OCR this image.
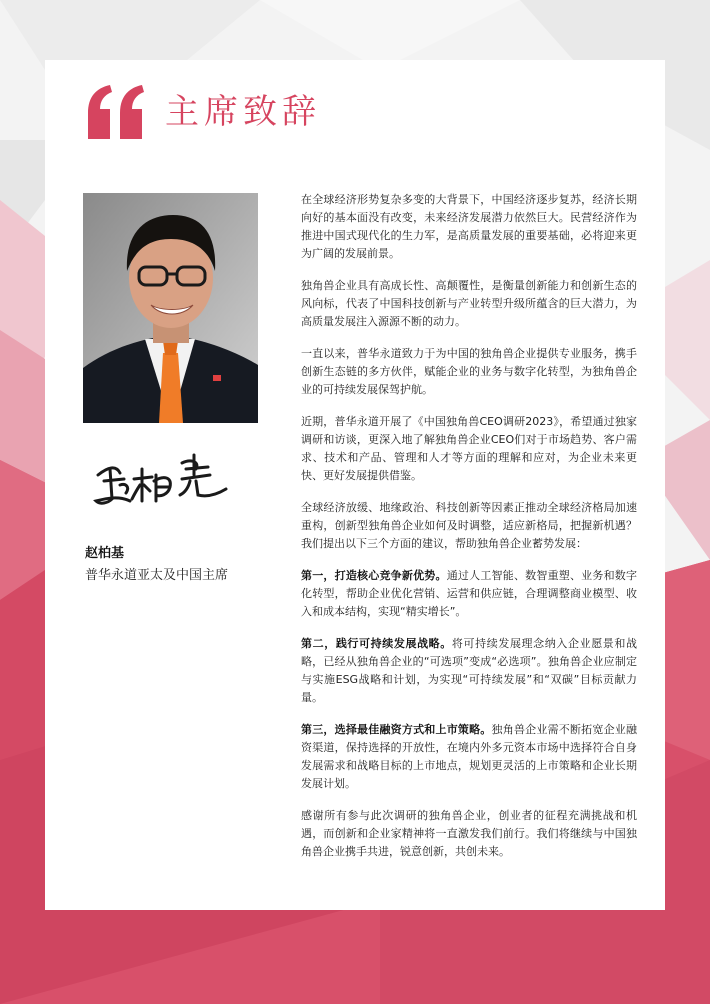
主席致辞

赵柏基

普华永道亚太及中国主席

在全球经济形势复杂多变的大背景下，中国经济逐步复苏，经济长期向好的基本面没有改变，未来经济发展潜力依然巨大。民营经济作为推进中国式现代化的生力军，是高质量发展的重要基础，必将迎来更为广阔的发展前景。

独角兽企业具有高成长性、高颠覆性，是衡量创新能力和创新生态的风向标，代表了中国科技创新与产业转型升级所蕴含的巨大潜力，为高质量发展注入源源不断的动力。

一直以来，普华永道致力于为中国的独角兽企业提供专业服务，携手创新生态链的多方伙伴，赋能企业的业务与数字化转型，为独角兽企业的可持续发展保驾护航。

近期，普华永道开展了《中国独角兽CEO调研2023》，希望通过独家调研和访谈，更深入地了解独角兽企业CEO们对于市场趋势、客户需求、技术和产品、管理和人才等方面的理解和应对，为企业未来更快、更好发展提供借鉴。

全球经济放缓、地缘政治、科技创新等因素正推动全球经济格局加速重构，创新型独角兽企业如何及时调整，适应新格局，把握新机遇？我们提出以下三个方面的建议，帮助独角兽企业蓄势发展：

第一，打造核心竞争新优势。通过人工智能、数智重塑、业务和数字化转型，帮助企业优化营销、运营和供应链，合理调整商业模型、收入和成本结构，实现“精实增长”。

第二，践行可持续发展战略。将可持续发展理念纳入企业愿景和战略，已经从独角兽企业的“可选项”变成“必选项”。独角兽企业应制定与实施ESG战略和计划，为实现“可持续发展”和“双碳”目标贡献力量。

第三，选择最佳融资方式和上市策略。独角兽企业需不断拓宽企业融资渠道，保持选择的开放性，在境内外多元资本市场中选择符合自身发展需求和战略目标的上市地点，规划更灵活的上市策略和企业长期发展计划。

感谢所有参与此次调研的独角兽企业，创业者的征程充满挑战和机遇，而创新和企业家精神将一直激发我们前行。我们将继续与中国独角兽企业携手共进，锐意创新，共创未来。
